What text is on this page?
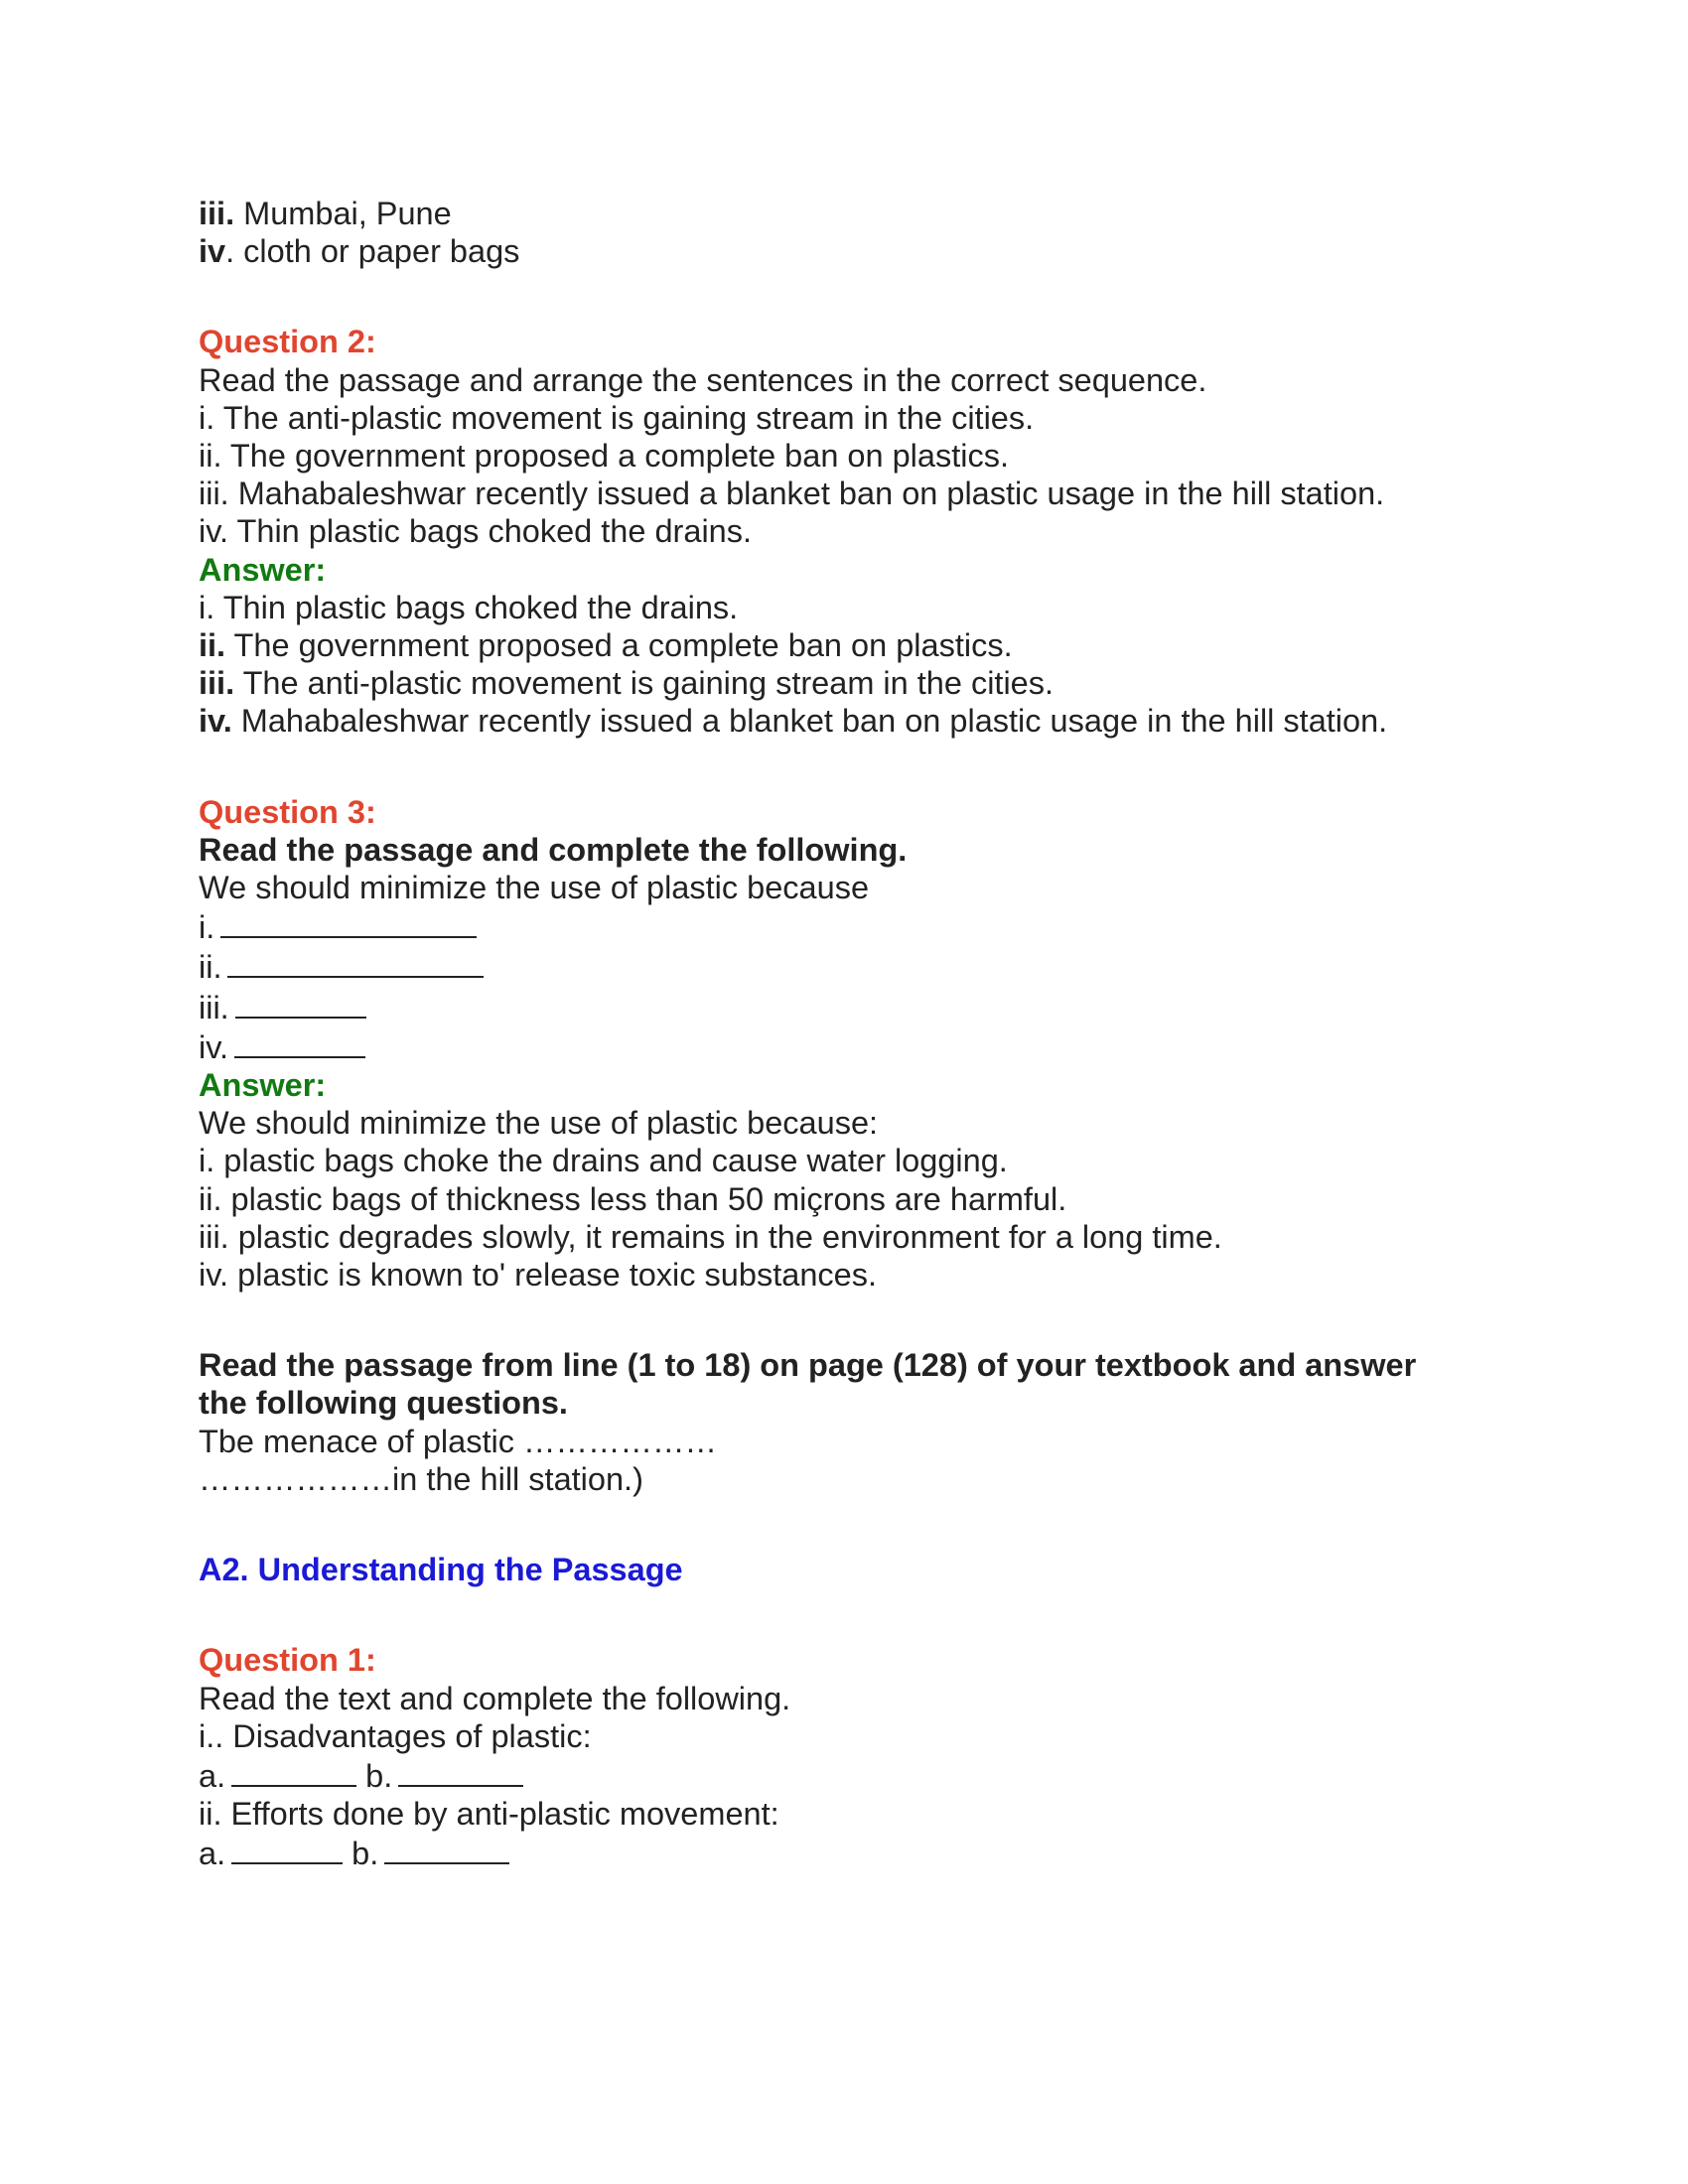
iii. Mumbai, Pune
iv. cloth or paper bags
Question 2:
Read the passage and arrange the sentences in the correct sequence.
i. The anti-plastic movement is gaining stream in the cities.
ii. The government proposed a complete ban on plastics.
iii. Mahabaleshwar recently issued a blanket ban on plastic usage in the hill station.
iv. Thin plastic bags choked the drains.
Answer:
i. Thin plastic bags choked the drains.
ii. The government proposed a complete ban on plastics.
iii. The anti-plastic movement is gaining stream in the cities.
iv. Mahabaleshwar recently issued a blanket ban on plastic usage in the hill station.
Question 3:
Read the passage and complete the following.
We should minimize the use of plastic because
i.
ii.
iii.
iv.
Answer:
We should minimize the use of plastic because:
i. plastic bags choke the drains and cause water logging.
ii. plastic bags of thickness less than 50 miçrons are harmful.
iii. plastic degrades slowly, it remains in the environment for a long time.
iv. plastic is known to' release toxic substances.
Read the passage from line (1 to 18) on page (128) of your textbook and answer the following questions.
Tbe menace of plastic ………………
………………in the hill station.)
A2. Understanding the Passage
Question 1:
Read the text and complete the following.
i.. Disadvantages of plastic:
a.	b.
ii. Efforts done by anti-plastic movement:
a.	b.
